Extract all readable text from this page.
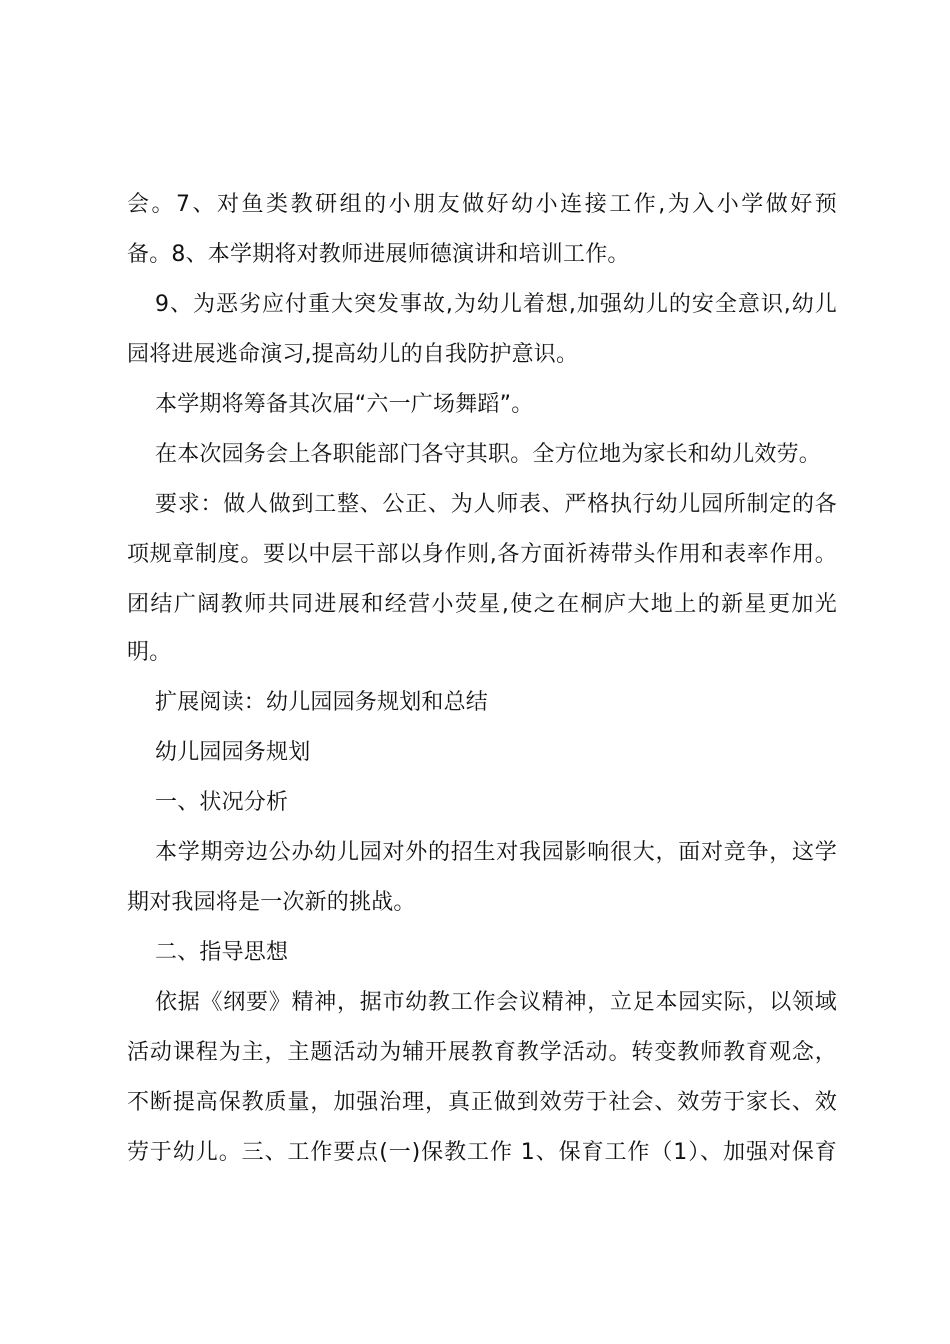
会。7、对鱼类教研组的小朋友做好幼小连接工作,为入小学做好预
备。8、本学期将对教师进展师德演讲和培训工作。
9、为恶劣应付重大突发事故,为幼儿着想,加强幼儿的安全意识,幼儿
园将进展逃命演习,提高幼儿的自我防护意识。
本学期将筹备其次届“六一广场舞蹈”。
在本次园务会上各职能部门各守其职。全方位地为家长和幼儿效劳。
要求：做人做到工整、公正、为人师表、严格执行幼儿园所制定的各
项规章制度。要以中层干部以身作则,各方面祈祷带头作用和表率作用。
团结广阔教师共同进展和经营小荧星,使之在桐庐大地上的新星更加光
明。
扩展阅读：幼儿园园务规划和总结
幼儿园园务规划
一、状况分析
本学期旁边公办幼儿园对外的招生对我园影响很大，面对竞争，这学
期对我园将是一次新的挑战。
二、指导思想
依据《纲要》精神，据市幼教工作会议精神，立足本园实际，以领域
活动课程为主，主题活动为辅开展教育教学活动。转变教师教育观念，
不断提高保教质量，加强治理，真正做到效劳于社会、效劳于家长、效
劳于幼儿。三、工作要点(一)保教工作 1、保育工作（1）、加强对保育
